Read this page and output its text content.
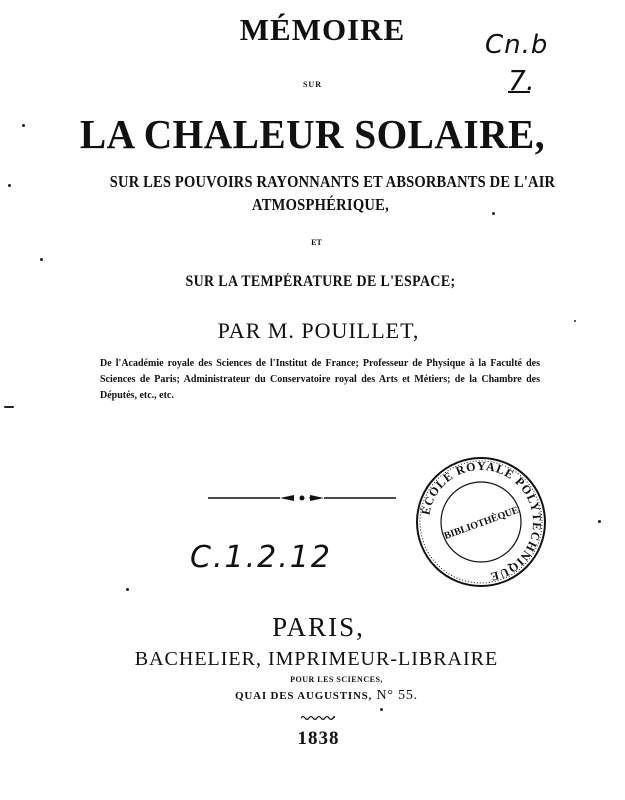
MÉMOIRE
SUR
LA CHALEUR SOLAIRE,
SUR LES POUVOIRS RAYONNANTS ET ABSORBANTS DE L'AIR
ATMOSPHÉRIQUE,
ET
SUR LA TEMPÉRATURE DE L'ESPACE;
PAR M. POUILLET,
De l'Académie royale des Sciences de l'Institut de France; Professeur de Physique à la Faculté des Sciences de Paris; Administrateur du Conservatoire royal des Arts et Métiers; de la Chambre des Députés, etc., etc.
C.1.2.12
PARIS,
BACHELIER, IMPRIMEUR-LIBRAIRE
POUR LES SCIENCES,
QUAI DES AUGUSTINS, N° 55.
1838
Cn.b
7.
ÉCOLE ROYALE POLYTECHNIQUE
BIBLIOTHÈQUE
